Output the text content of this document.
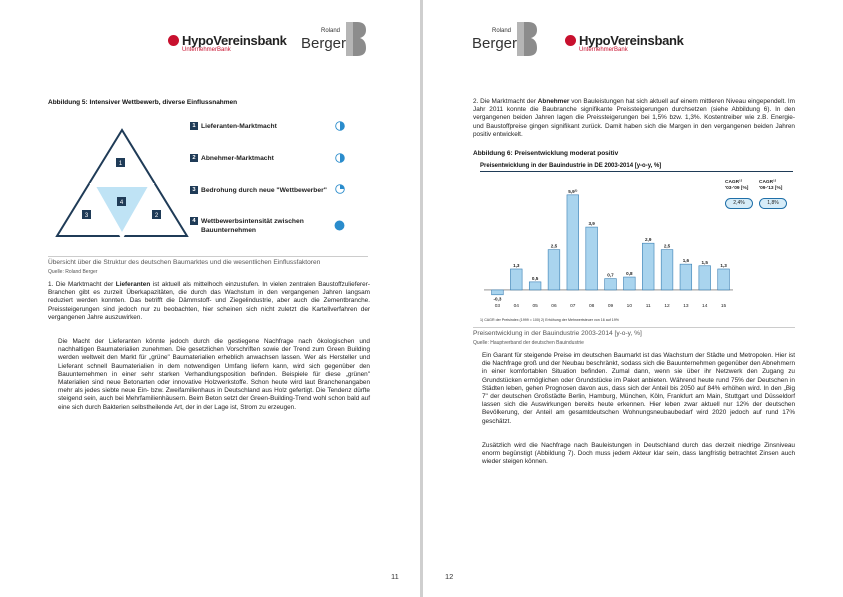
HypoVereinsbank
UnternehmerBank
Roland
Berger
Abbildung 5: Intensiver Wettbewerb, diverse Einflussnahmen
1
2
3
4
1 Lieferanten-Marktmacht
2 Abnehmer-Marktmacht
3 Bedrohung durch neue "Wettbewerber"
4 Wettbewerbsintensität zwischen
Bauunternehmen
Übersicht über die Struktur des deutschen Baumarktes und die wesentlichen Einflussfaktoren
Quelle: Roland Berger

1. Die Marktmacht der Lieferanten ist aktuell als mittelhoch einzustufen. In vielen zentralen Baustoffzulieferer-Branchen gibt es zurzeit Überkapazitäten, die durch das Wachstum in den vergangenen Jahren langsam reduziert werden konnten. Das betrifft die Dämmstoff- und Ziegelindustrie, aber auch die Zementbranche. Preissteigerungen sind jedoch nur zu beobachten, hier scheinen sich nicht zuletzt die Kartellverfahren der vergangenen Jahre auszuwirken.

Die Macht der Lieferanten könnte jedoch durch die gestiegene Nachfrage nach ökologischen und nachhaltigen Baumaterialien zunehmen. Die gesetzlichen Vorschriften sowie der Trend zum Green Building werden weltweit den Markt für „grüne" Baumaterialien erheblich anwachsen lassen. Wer als Hersteller und Lieferant schnell Baumaterialien in dem notwendigen Umfang liefern kann, wird sich gegenüber den Bauunternehmen in einer sehr starken Verhandlungsposition befinden. Beispiele für diese „grünen" Materialien sind neue Betonarten oder innovative Holzwerkstoffe. Schon heute wird laut Branchenangaben mehr als jedes siebte neue Ein- bzw. Zweifamilienhaus in Deutschland aus Holz gefertigt. Die Tendenz dürfte steigend sein, auch bei Mehrfamilienhäusern. Beim Beton setzt der Green-Building-Trend wohl schon bald auf eine sich durch Bakterien selbstheilende Art, der in der Lage ist, Strom zu erzeugen.

11
Roland
Berger	HypoVereinsbank
UnternehmerBank

2. Die Marktmacht der Abnehmer von Bauleistungen hat sich aktuell auf einem mittleren Niveau eingependelt. Im Jahr 2011 konnte die Baubranche signifikante Preissteigerungen durchsetzen (siehe Abbildung 6). In den vergangenen beiden Jahren lagen die Preissteigerungen bei 1,5% bzw. 1,3%. Kostentreiber wie z.B. Energie- und Baustoffpreise gingen signifikant zurück. Damit haben sich die Margen in den vergangenen beiden Jahren positiv entwickelt.

Abbildung 6: Preisentwicklung moderat positiv
Preisentwicklung in der Bauindustrie in DE 2003-2014 [y-o-y, %]
-0,3
03
1,3
04
0,5
05
2,5
06
5,9²⁾
07
3,9
08
0,7
09
0,8
10
2,9
11
2,5
12
1,6
13
1,5
14
1,3
15
CAGR¹⁾
'03-'09 [%]
CAGR¹⁾
'09-'13 [%]
2,4%	1,8%
1) CAGR der Preisindex (1999 = 100) 2) Erhöhung der Mehrwertsteuer von 16 auf 19%
Preisentwicklung in der Bauindustrie 2003-2014 [y-o-y, %]
Quelle: Hauptverband der deutschen Bauindustrie

Ein Garant für steigende Preise im deutschen Baumarkt ist das Wachstum der Städte und Metropolen. Hier ist die Nachfrage groß und der Neubau beschränkt, sodass sich die Bauunternehmen gegenüber den Abnehmern in einer komfortablen Situation befinden. Zumal dann, wenn sie über ihr Netzwerk den Zugang zu Grundstücken ermöglichen oder Grundstücke im Paket anbieten. Während heute rund 75% der Deutschen in Städten leben, gehen Prognosen davon aus, dass sich der Anteil bis 2050 auf 84% erhöhen wird. In den „Big 7" der deutschen Großstädte Berlin, Hamburg, München, Köln, Frankfurt am Main, Stuttgart und Düsseldorf lassen sich die Auswirkungen bereits heute erkennen. Hier leben zwar aktuell nur 12% der deutschen Bevölkerung, der Anteil am gesamtdeutschen Wohnungsneubaubedarf wird 2020 jedoch auf rund 17% geschätzt.

Zusätzlich wird die Nachfrage nach Bauleistungen in Deutschland durch das derzeit niedrige Zinsniveau enorm begünstigt (Abbildung 7). Doch muss jedem Akteur klar sein, dass langfristig betrachtet Zinsen auch wieder steigen können.

12
